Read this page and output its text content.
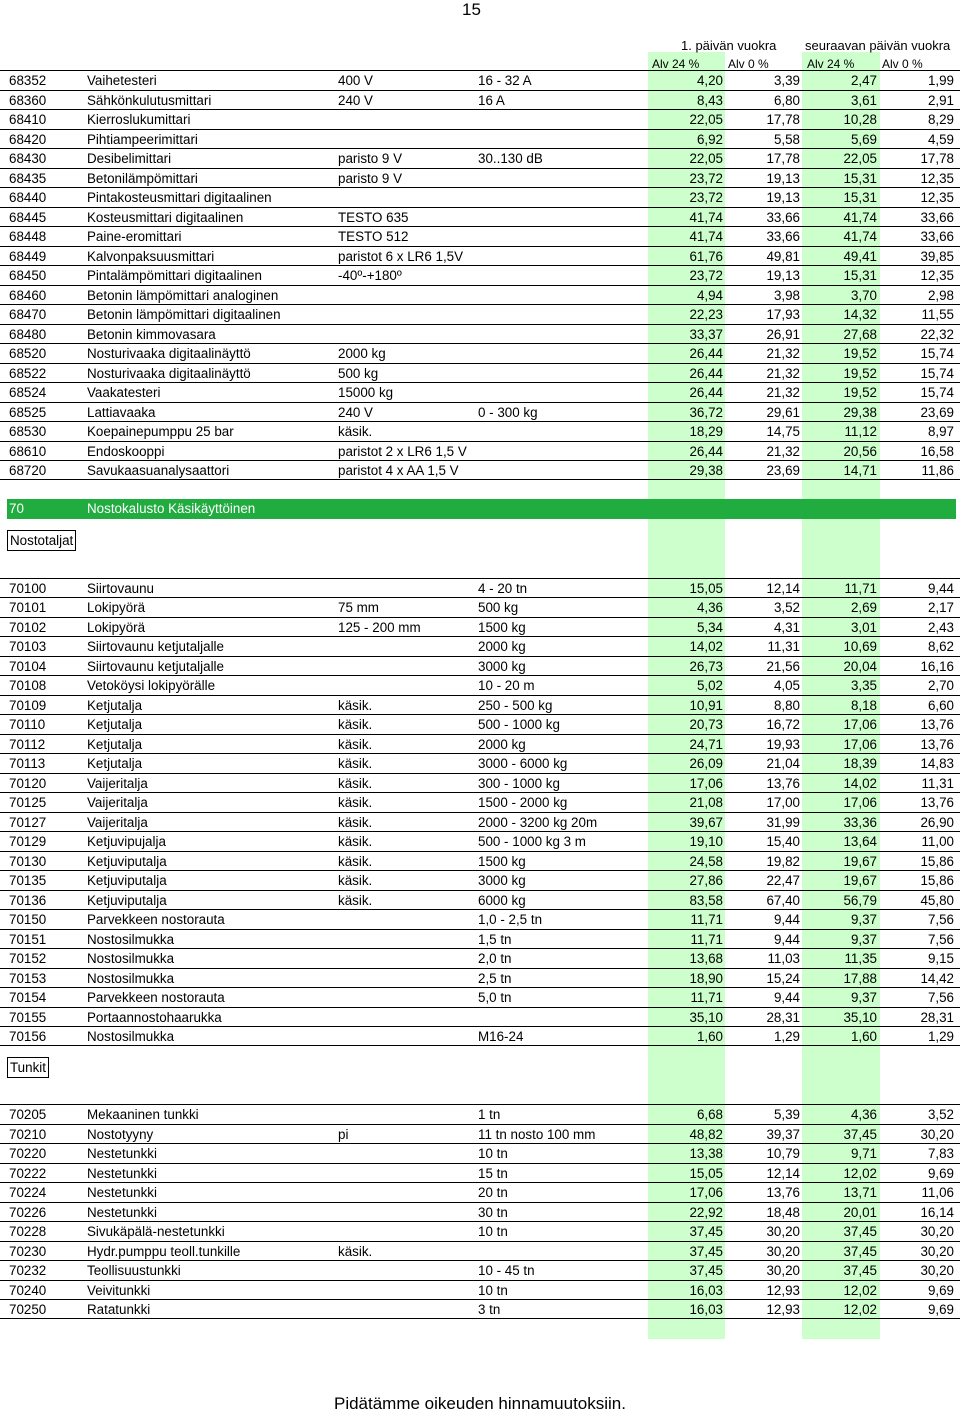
15
1. päivän vuokra seuraavan päivän vuokra
Alv 24 % Alv 0 %	Alv 24 % Alv 0 %
68352	Vaihetesteri	400 V	16 - 32 A	4,20	3,39	2,47	1,99
68360	Sähkönkulutusmittari	240 V	16 A	8,43	6,80	3,61	2,91
68410	Kierroslukumittari	22,05	17,78	10,28	8,29
68420	Pihtiampeerimittari	6,92	5,58	5,69	4,59
68430	Desibelimittari	paristo 9 V	30..130 dB	22,05	17,78	22,05	17,78
68435	Betonilämpömittari	paristo 9 V	23,72	19,13	15,31	12,35
68440	Pintakosteusmittari digitaalinen	23,72	19,13	15,31	12,35
68445	Kosteusmittari digitaalinen	TESTO 635	41,74	33,66	41,74	33,66
68448	Paine-eromittari	TESTO 512	41,74	33,66	41,74	33,66
68449	Kalvonpaksuusmittari	paristot 6 x LR6 1,5V	61,76	49,81	49,41	39,85
68450	Pintalämpömittari digitaalinen	-40º-+180º	23,72	19,13	15,31	12,35
68460	Betonin lämpömittari analoginen	4,94	3,98	3,70	2,98
68470	Betonin lämpömittari digitaalinen	22,23	17,93	14,32	11,55
68480	Betonin kimmovasara	33,37	26,91	27,68	22,32
68520	Nosturivaaka digitaalinäyttö	2000 kg	26,44	21,32	19,52	15,74
68522	Nosturivaaka digitaalinäyttö	500 kg	26,44	21,32	19,52	15,74
68524	Vaakatesteri	15000 kg	26,44	21,32	19,52	15,74
68525	Lattiavaaka	240 V	0 - 300 kg	36,72	29,61	29,38	23,69
68530	Koepainepumppu 25 bar	käsik.	18,29	14,75	11,12	8,97
68610	Endoskooppi	paristot 2 x LR6 1,5 V	26,44	21,32	20,56	16,58
68720	Savukaasuanalysaattori	paristot 4 x AA 1,5 V	29,38	23,69	14,71	11,86
70	Nostokalusto Käsikäyttöinen
Nostotaljat
70100	Siirtovaunu	4 - 20 tn	15,05	12,14	11,71	9,44
70101	Lokipyörä	75 mm	500 kg	4,36	3,52	2,69	2,17
70102	Lokipyörä	125 - 200 mm	1500 kg	5,34	4,31	3,01	2,43
70103	Siirtovaunu ketjutaljalle	2000 kg	14,02	11,31	10,69	8,62
70104	Siirtovaunu ketjutaljalle	3000 kg	26,73	21,56	20,04	16,16
70108	Vetoköysi lokipyörälle	10 - 20 m	5,02	4,05	3,35	2,70
70109	Ketjutalja	käsik.	250 - 500 kg	10,91	8,80	8,18	6,60
70110	Ketjutalja	käsik.	500 - 1000 kg	20,73	16,72	17,06	13,76
70112	Ketjutalja	käsik.	2000 kg	24,71	19,93	17,06	13,76
70113	Ketjutalja	käsik.	3000 - 6000 kg	26,09	21,04	18,39	14,83
70120	Vaijeritalja	käsik.	300 - 1000 kg	17,06	13,76	14,02	11,31
70125	Vaijeritalja	käsik.	1500 - 2000 kg	21,08	17,00	17,06	13,76
70127	Vaijeritalja	käsik.	2000 - 3200 kg 20m	39,67	31,99	33,36	26,90
70129	Ketjuvipujalja	käsik.	500 - 1000 kg 3 m	19,10	15,40	13,64	11,00
70130	Ketjuviputalja	käsik.	1500 kg	24,58	19,82	19,67	15,86
70135	Ketjuviputalja	käsik.	3000 kg	27,86	22,47	19,67	15,86
70136	Ketjuviputalja	käsik.	6000 kg	83,58	67,40	56,79	45,80
70150	Parvekkeen nostorauta	1,0 - 2,5 tn	11,71	9,44	9,37	7,56
70151	Nostosilmukka	1,5 tn	11,71	9,44	9,37	7,56
70152	Nostosilmukka	2,0 tn	13,68	11,03	11,35	9,15
70153	Nostosilmukka	2,5 tn	18,90	15,24	17,88	14,42
70154	Parvekkeen nostorauta	5,0 tn	11,71	9,44	9,37	7,56
70155	Portaannostohaarukka	35,10	28,31	35,10	28,31
70156	Nostosilmukka	M16-24	1,60	1,29	1,60	1,29
Tunkit
70205	Mekaaninen tunkki	1 tn	6,68	5,39	4,36	3,52
70210	Nostotyyny	pi	11 tn nosto 100 mm	48,82	39,37	37,45	30,20
70220	Nestetunkki	10 tn	13,38	10,79	9,71	7,83
70222	Nestetunkki	15 tn	15,05	12,14	12,02	9,69
70224	Nestetunkki	20 tn	17,06	13,76	13,71	11,06
70226	Nestetunkki	30 tn	22,92	18,48	20,01	16,14
70228	Sivukäpälä-nestetunkki	10 tn	37,45	30,20	37,45	30,20
70230	Hydr.pumppu teoll.tunkille	käsik.	37,45	30,20	37,45	30,20
70232	Teollisuustunkki	10 - 45 tn	37,45	30,20	37,45	30,20
70240	Veivitunkki	10 tn	16,03	12,93	12,02	9,69
70250	Ratatunkki	3 tn	16,03	12,93	12,02	9,69
Pidätämme oikeuden hinnamuutoksiin.
